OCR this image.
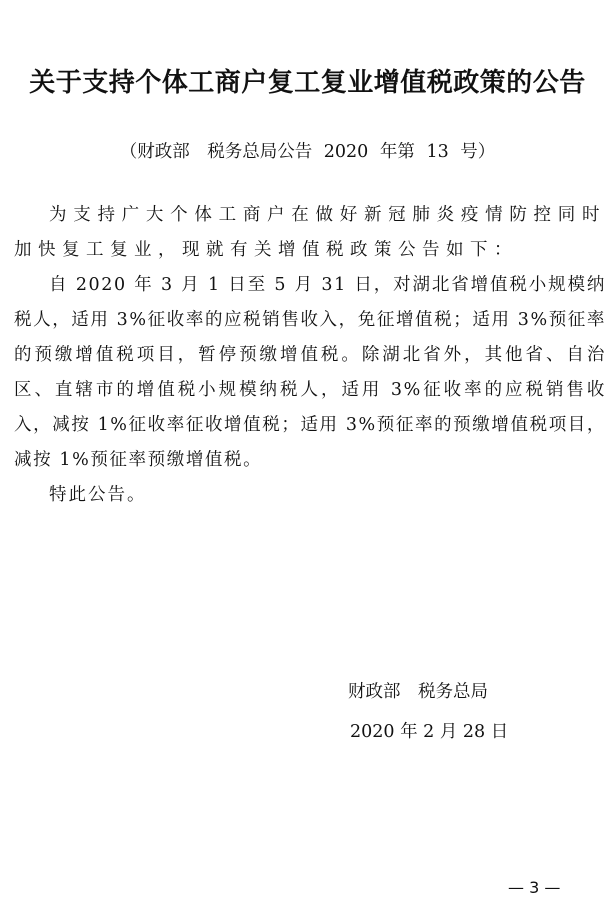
关于支持个体工商户复工复业增值税政策的公告
（财政部　税务总局公告 2020 年第 13 号）

为支持广大个体工商户在做好新冠肺炎疫情防控同时加快复工复业，现就有关增值税政策公告如下：

自 2020 年 3 月 1 日至 5 月 31 日，对湖北省增值税小规模纳税人，适用 3%征收率的应税销售收入，免征增值税；适用 3%预征率的预缴增值税项目，暂停预缴增值税。除湖北省外，其他省、自治区、直辖市的增值税小规模纳税人，适用 3%征收率的应税销售收入，减按 1%征收率征收增值税；适用 3%预征率的预缴增值税项目，减按 1%预征率预缴增值税。

特此公告。

财政部　税务总局
2020 年 2 月 28 日
— 3 —
